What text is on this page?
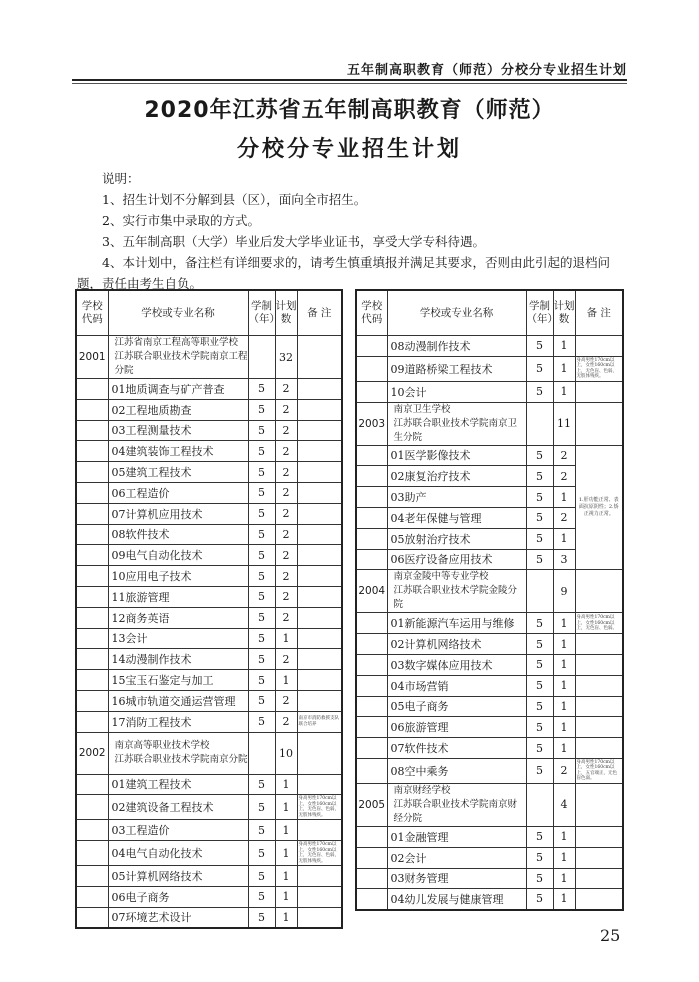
五年制高职教育（师范）分校分专业招生计划
2020年江苏省五年制高职教育（师范）
分校分专业招生计划
说明：
1、招生计划不分解到县（区），面向全市招生。
2、实行市集中录取的方式。
3、五年制高职（大学）毕业后发大学毕业证书，享受大学专科待遇。
4、本计划中，备注栏有详细要求的，请考生慎重填报并满足其要求，否则由此引起的退档问题，责任由考生自负。
学校代码	学校或专业名称	学制（年）	计划数	备 注
2001	江苏省南京工程高等职业学校
江苏联合职业技术学院南京工程分院		32	
	01地质调查与矿产普查	5	2	
	02工程地质勘查	5	2	
	03工程测量技术	5	2	
	04建筑装饰工程技术	5	2	
	05建筑工程技术	5	2	
	06工程造价	5	2	
	07计算机应用技术	5	2	
	08软件技术	5	2	
	09电气自动化技术	5	2	
	10应用电子技术	5	2	
	11旅游管理	5	2	
	12商务英语	5	2	
	13会计	5	1	
	14动漫制作技术	5	2	
	15宝玉石鉴定与加工	5	1	
	16城市轨道交通运营管理	5	2	
	17消防工程技术	5	2	南京市消防救援支队联合培养
2002	南京高等职业技术学校
江苏联合职业技术学院南京分院		10	
	01建筑工程技术	5	1	
	02建筑设备工程技术	5	1	身高男性170cm以上，女性160cm以上，无色盲、色弱，无肢体残疾。
	03工程造价	5	1	
	04电气自动化技术	5	1	身高男性170cm以上，女性160cm以上，无色盲、色弱，无肢体残疾。
	05计算机网络技术	5	1	
	06电子商务	5	1	
	07环境艺术设计	5	1	
学校代码	学校或专业名称	学制（年）	计划数	备 注
	08动漫制作技术	5	1	
	09道路桥梁工程技术	5	1	身高男性170cm以上，女性160cm以上，无色盲、色弱，无肢体残疾。
	10会计	5	1	
2003	南京卫生学校
江苏联合职业技术学院南京卫生分院		11	
	01医学影像技术	5	2	1.肝功能正常、表面抗原阴性；2.矫正视力正常。
	02康复治疗技术	5	2	
	03助产	5	1	
	04老年保健与管理	5	2	
	05放射治疗技术	5	1	
	06医疗设备应用技术	5	3	
2004	南京金陵中等专业学校
江苏联合职业技术学院金陵分院		9	
	01新能源汽车运用与维修	5	1	身高男性170cm以上，女性160cm以上，无色盲、色弱。
	02计算机网络技术	5	1	
	03数字媒体应用技术	5	1	
	04市场营销	5	1	
	05电子商务	5	1	
	06旅游管理	5	1	
	07软件技术	5	1	
	08空中乘务	5	2	身高男性170cm以上，女性160cm以上，五官端正，无色盲色弱。
2005	南京财经学校
江苏联合职业技术学院南京财经分院		4	
	01金融管理	5	1	
	02会计	5	1	
	03财务管理	5	1	
	04幼儿发展与健康管理	5	1	
25
